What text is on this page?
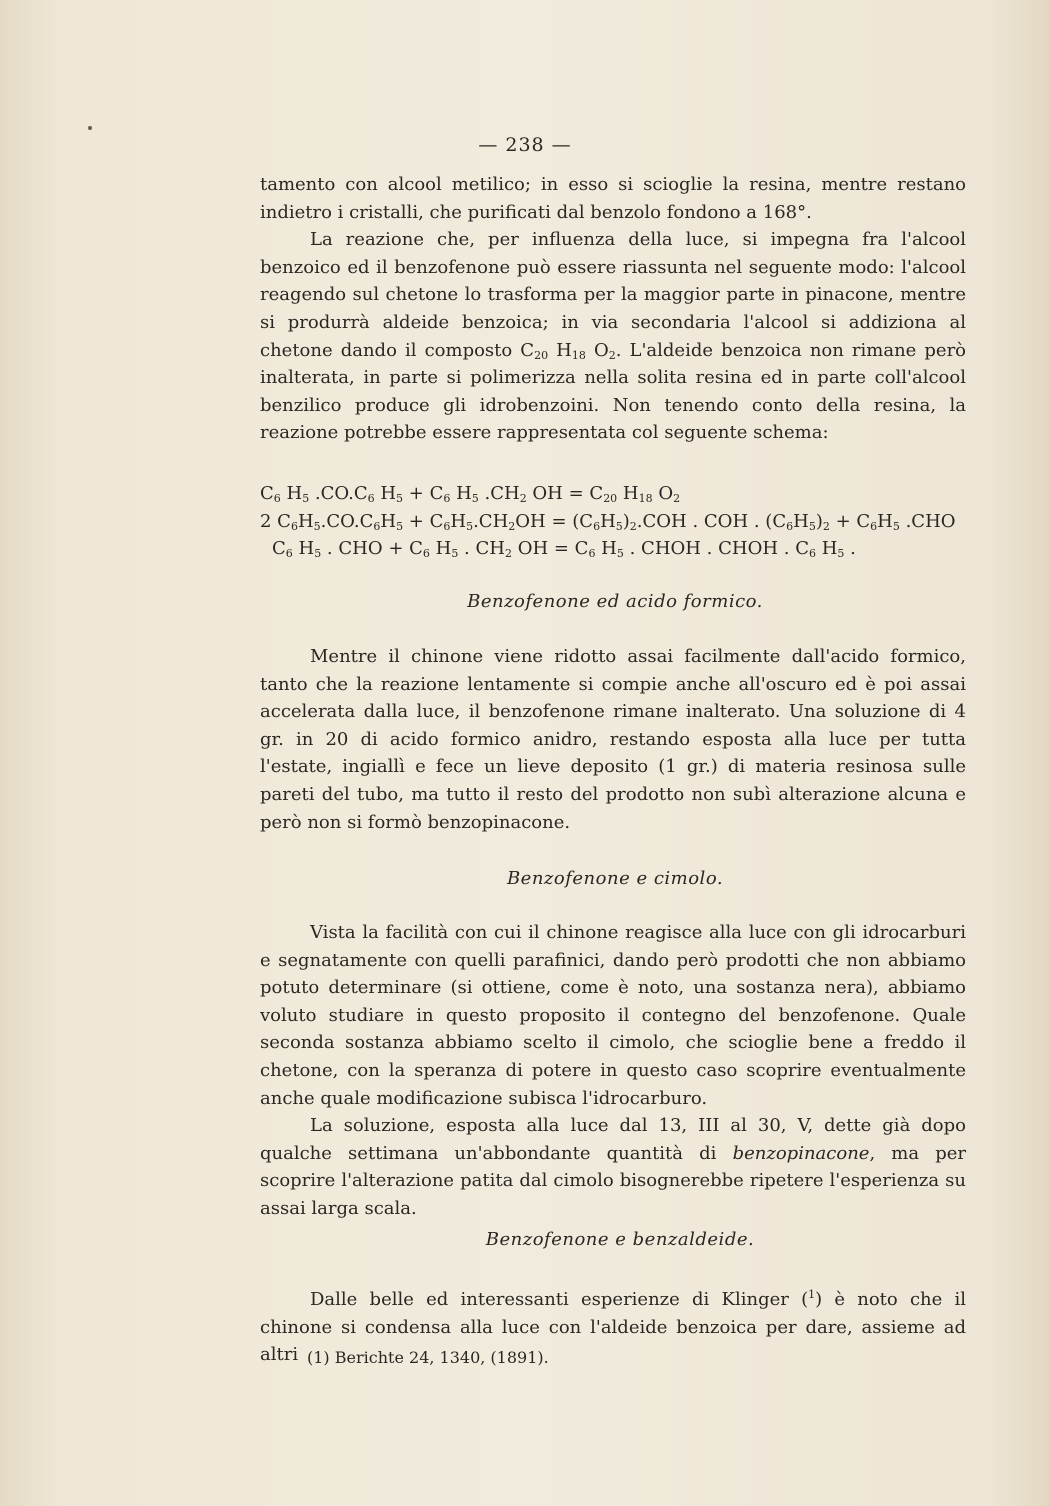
— 238 —

tamento con alcool metilico; in esso si scioglie la resina, mentre restano indietro i cristalli, che purificati dal benzolo fondono a 168°.

La reazione che, per influenza della luce, si impegna fra l'alcool benzoico ed il benzofenone può essere riassunta nel seguente modo: l'alcool reagendo sul chetone lo trasforma per la maggior parte in pinacone, mentre si produrrà aldeide benzoica; in via secondaria l'alcool si addiziona al chetone dando il composto $C_{20}$ $H_{18}$ $O_2$. L'aldeide benzoica non rimane però inalterata, in parte si polimerizza nella solita resina ed in parte coll'alcool benzilico produce gli idrobenzoini. Non tenendo conto della resina, la reazione potrebbe essere rappresentata col seguente schema:

$C_6$ $H_5$ $.CO.C_6$ $H_5 + C_6$ $H_5$ $.CH_2$ OH = $C_{20}$ $H_{18}$ $O_2$
2 $C_6H_5.CO.C_6H_5 + C_6H_5.CH_2OH = (C_6H_5)_2.COH$ . COH . $(C_6H_5)_2 + C_6H_5$ .CHO
$C_6$ $H_5$ . CHO + $C_6$ $H_5$ . $CH_2$ OH = $C_6$ $H_5$ . CHOH . CHOH . $C_6$ $H_5$ .
Benzofenone ed acido formico.

Mentre il chinone viene ridotto assai facilmente dall'acido formico, tanto che la reazione lentamente si compie anche all'oscuro ed è poi assai accelerata dalla luce, il benzofenone rimane inalterato. Una soluzione di 4 gr. in 20 di acido formico anidro, restando esposta alla luce per tutta l'estate, ingiallì e fece un lieve deposito (1 gr.) di materia resinosa sulle pareti del tubo, ma tutto il resto del prodotto non subì alterazione alcuna e però non si formò benzopinacone.

Benzofenone e cimolo.

Vista la facilità con cui il chinone reagisce alla luce con gli idrocarburi e segnatamente con quelli parafinici, dando però prodotti che non abbiamo potuto determinare (si ottiene, come è noto, una sostanza nera), abbiamo voluto studiare in questo proposito il contegno del benzofenone. Quale seconda sostanza abbiamo scelto il cimolo, che scioglie bene a freddo il chetone, con la speranza di potere in questo caso scoprire eventualmente anche quale modificazione subisca l'idrocarburo.

La soluzione, esposta alla luce dal 13, III al 30, V, dette già dopo qualche settimana un'abbondante quantità di benzopinacone, ma per scoprire l'alterazione patita dal cimolo bisognerebbe ripetere l'esperienza su assai larga scala.

Benzofenone e benzaldeide.

Dalle belle ed interessanti esperienze di Klinger ($^1$) è noto che il chinone si condensa alla luce con l'aldeide benzoica per dare, assieme ad altri (1) Berichte 24, 1340, (1891).
